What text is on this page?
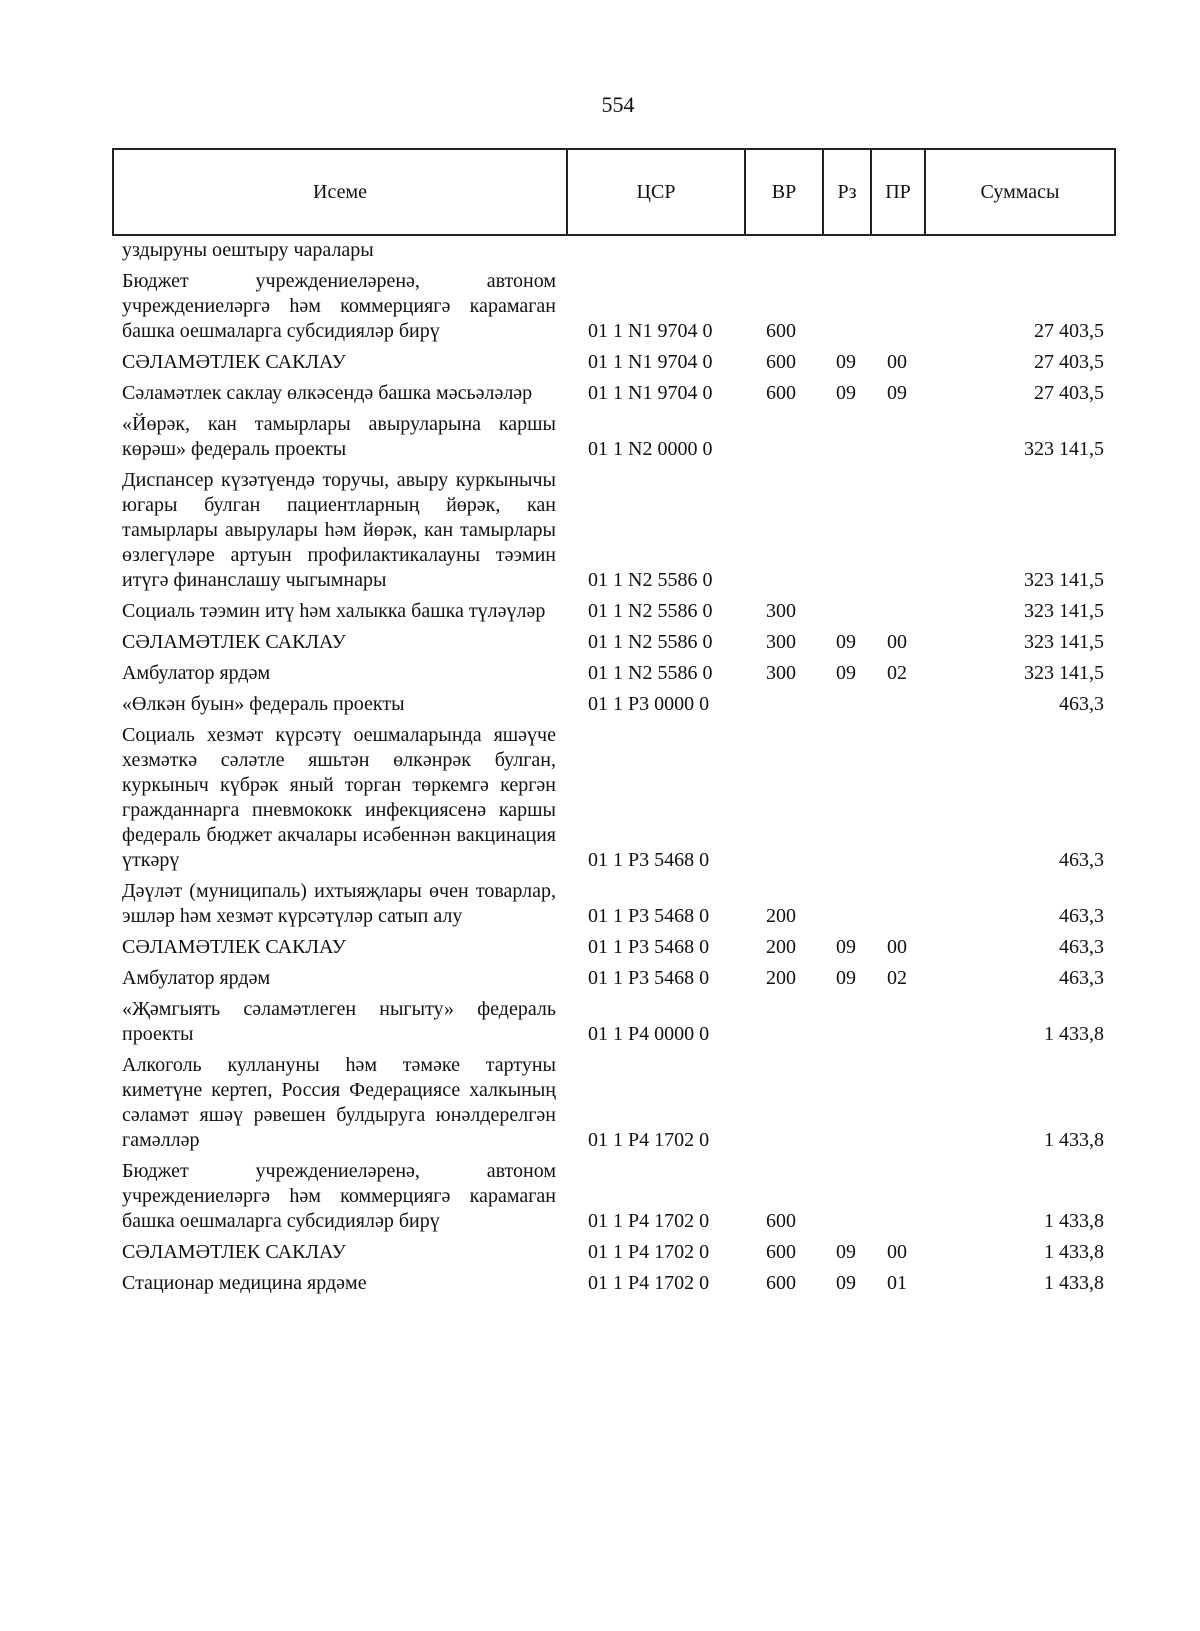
554
Исеме	ЦСР	ВР	Рз	ПР	Суммасы
уздыруны оештыру чаралары					
Бюджет учреждениеләренә, автоном учреждениеләргә һәм коммерциягә карамаган башка оешмаларга субсидияләр бирү	01 1 N1 9704 0	600			27 403,5
СӘЛАМӘТЛЕК САКЛАУ	01 1 N1 9704 0	600	09	00	27 403,5
Сәламәтлек саклау өлкәсендә башка мәсьәләләр	01 1 N1 9704 0	600	09	09	27 403,5
«Йөрәк, кан тамырлары авыруларына каршы көрәш» федераль проекты	01 1 N2 0000 0				323 141,5
Диспансер күзәтүендә торучы, авыру куркынычы югары булган пациентларның йөрәк, кан тамырлары авырулары һәм йөрәк, кан тамырлары өзлегүләре артуын профилактикалауны тәэмин итүгә финанслашу чыгымнары	01 1 N2 5586 0				323 141,5
Социаль тәэмин итү һәм халыкка башка түләүләр	01 1 N2 5586 0	300			323 141,5
СӘЛАМӘТЛЕК САКЛАУ	01 1 N2 5586 0	300	09	00	323 141,5
Амбулатор ярдәм	01 1 N2 5586 0	300	09	02	323 141,5
«Өлкән буын» федераль проекты	01 1 P3 0000 0				463,3
Социаль хезмәт күрсәтү оешмаларында яшәүче хезмәткә сәләтле яшьтән өлкәнрәк булган, куркыныч күбрәк яный торган төркемгә кергән гражданнарга пневмококк инфекциясенә каршы федераль бюджет акчалары исәбеннән вакцинация үткәрү	01 1 P3 5468 0				463,3
Дәүләт (муниципаль) ихтыяҗлары өчен товарлар, эшләр һәм хезмәт күрсәтүләр сатып алу	01 1 P3 5468 0	200			463,3
СӘЛАМӘТЛЕК САКЛАУ	01 1 P3 5468 0	200	09	00	463,3
Амбулатор ярдәм	01 1 P3 5468 0	200	09	02	463,3
«Җәмгыять сәламәтлеген ныгыту» федераль проекты	01 1 P4 0000 0				1 433,8
Алкоголь куллануны һәм тәмәке тартуны киметүне кертеп, Россия Федерациясе халкының сәламәт яшәү рәвешен булдыруга юнәлдерелгән гамәлләр	01 1 P4 1702 0				1 433,8
Бюджет учреждениеләренә, автоном учреждениеләргә һәм коммерциягә карамаган башка оешмаларга субсидияләр бирү	01 1 P4 1702 0	600			1 433,8
СӘЛАМӘТЛЕК САКЛАУ	01 1 P4 1702 0	600	09	00	1 433,8
Стационар медицина ярдәме	01 1 P4 1702 0	600	09	01	1 433,8
